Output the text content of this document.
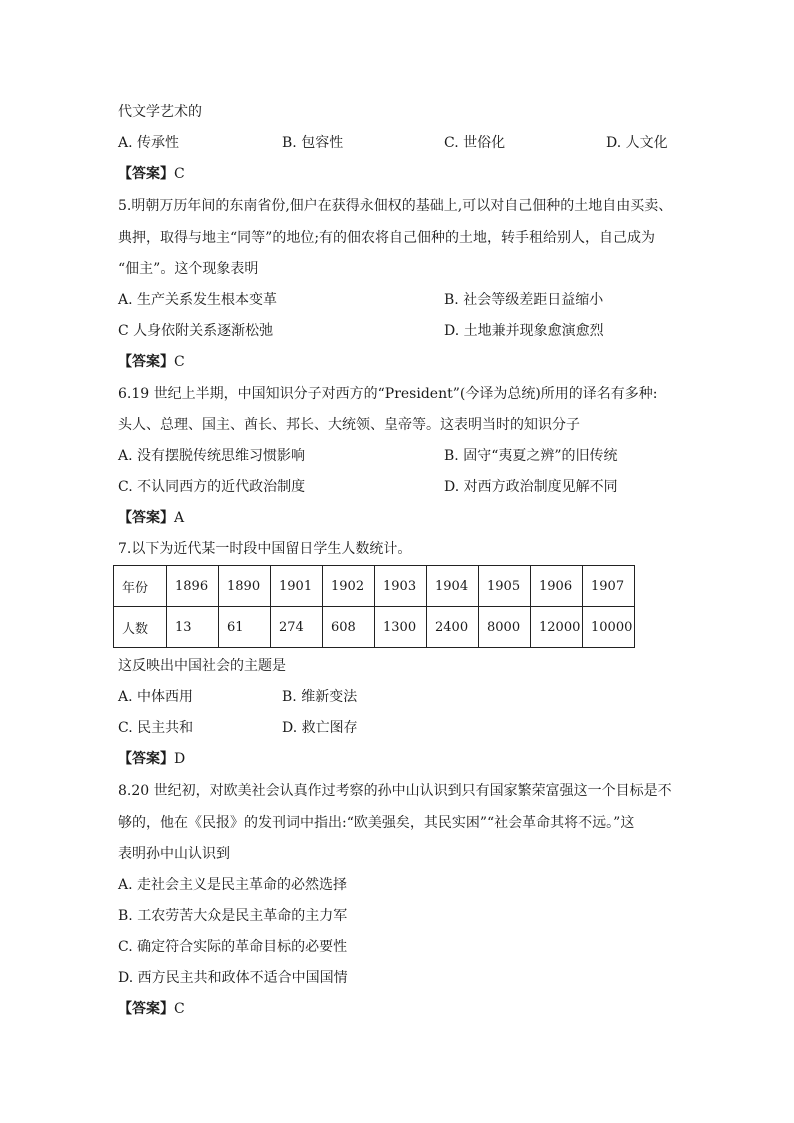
代文学艺术的
A. 传承性	B. 包容性	C. 世俗化	D. 人文化
【答案】C
5.明朝万历年间的东南省份,佃户在获得永佃权的基础上,可以对自己佃种的土地自由买卖、
典押，取得与地主“同等”的地位;有的佃农将自己佃种的土地，转手租给别人，自己成为
“佃主”。这个现象表明
A. 生产关系发生根本变革	B. 社会等级差距日益缩小
C 人身依附关系逐渐松弛	D. 土地兼并现象愈演愈烈
【答案】C
6.19 世纪上半期，中国知识分子对西方的“President”(今译为总统)所用的译名有多种:
头人、总理、国主、酋长、邦长、大统领、皇帝等。这表明当时的知识分子
A. 没有摆脱传统思维习惯影响	B. 固守“夷夏之辨”的旧传统
C. 不认同西方的近代政治制度	D. 对西方政治制度见解不同
【答案】A
7.以下为近代某一时段中国留日学生人数统计。
年份	1896	1890	1901	1902	1903	1904	1905	1906	1907
人数	13	61	274	608	1300	2400	8000	12000	10000
这反映出中国社会的主题是
A. 中体西用	B. 维新变法
C. 民主共和	D. 救亡图存
【答案】D
8.20 世纪初，对欧美社会认真作过考察的孙中山认识到只有国家繁荣富强这一个目标是不
够的，他在《民报》的发刊词中指出:“欧美强矣，其民实困”“社会革命其将不远。”这
表明孙中山认识到
A. 走社会主义是民主革命的必然选择
B. 工农劳苦大众是民主革命的主力军
C. 确定符合实际的革命目标的必要性
D. 西方民主共和政体不适合中国国情
【答案】C
